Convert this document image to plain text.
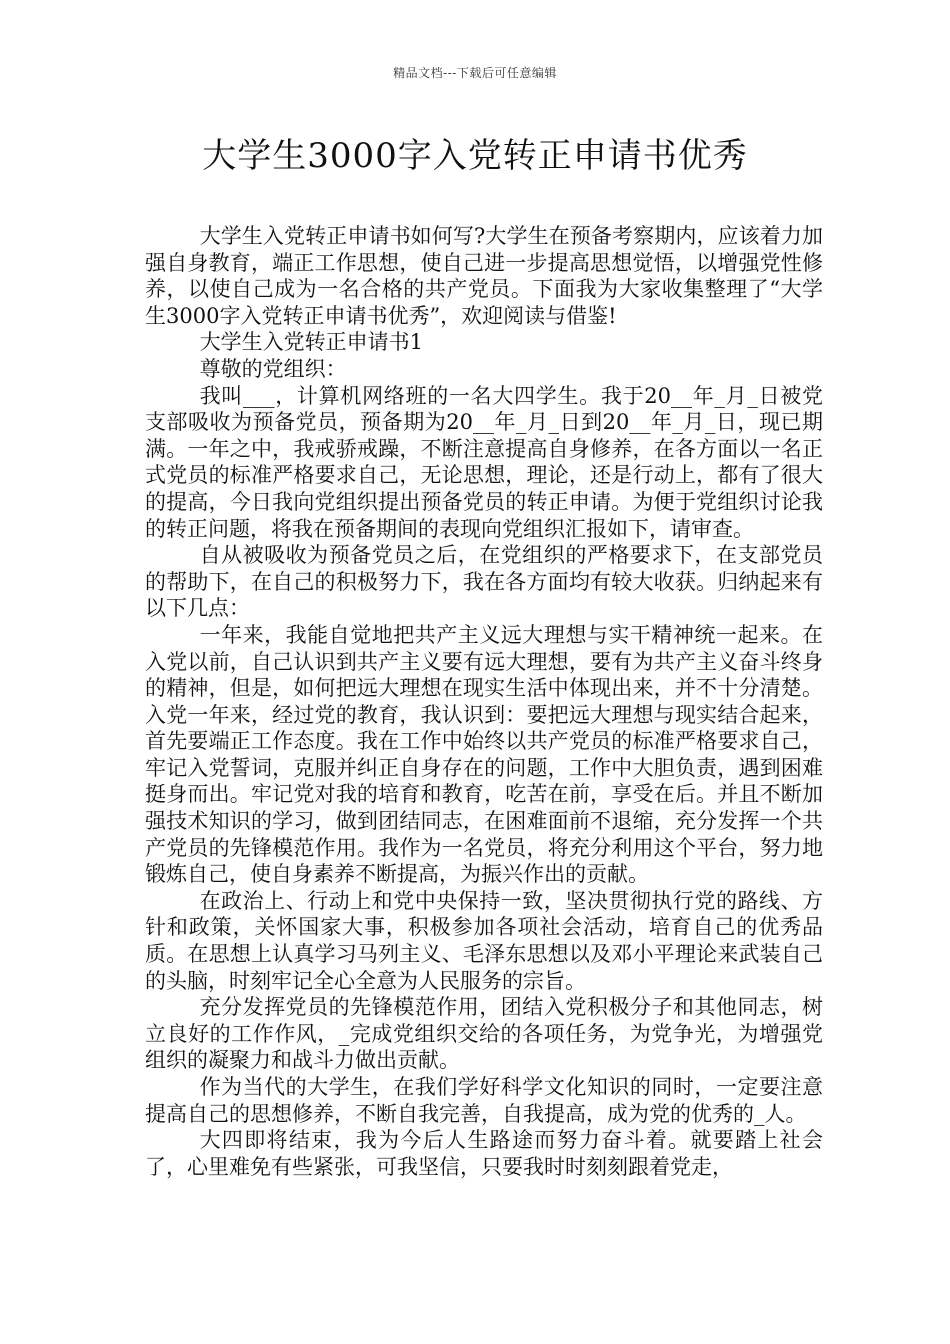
精品文档---下载后可任意编辑
大学生3000字入党转正申请书优秀

大学生入党转正申请书如何写?大学生在预备考察期内，应该着力加强自身教育，端正工作思想，使自己进一步提高思想觉悟，以增强党性修养，以使自己成为一名合格的共产党员。下面我为大家收集整理了“大学生3000字入党转正申请书优秀”，欢迎阅读与借鉴!

大学生入党转正申请书1

尊敬的党组织：

我叫___，计算机网络班的一名大四学生。我于20__年_月_日被党支部吸收为预备党员，预备期为20__年_月_日到20__年_月_日，现已期满。一年之中，我戒骄戒躁，不断注意提高自身修养，在各方面以一名正式党员的标准严格要求自己，无论思想，理论，还是行动上，都有了很大的提高，今日我向党组织提出预备党员的转正申请。为便于党组织讨论我的转正问题，将我在预备期间的表现向党组织汇报如下，请审查。

自从被吸收为预备党员之后，在党组织的严格要求下，在支部党员的帮助下，在自己的积极努力下，我在各方面均有较大收获。归纳起来有以下几点：

一年来，我能自觉地把共产主义远大理想与实干精神统一起来。在入党以前，自己认识到共产主义要有远大理想，要有为共产主义奋斗终身的精神，但是，如何把远大理想在现实生活中体现出来，并不十分清楚。入党一年来，经过党的教育，我认识到：要把远大理想与现实结合起来，首先要端正工作态度。我在工作中始终以共产党员的标准严格要求自己，牢记入党誓词，克服并纠正自身存在的问题，工作中大胆负责，遇到困难挺身而出。牢记党对我的培育和教育，吃苦在前，享受在后。并且不断加强技术知识的学习，做到团结同志，在困难面前不退缩，充分发挥一个共产党员的先锋模范作用。我作为一名党员，将充分利用这个平台，努力地锻炼自己，使自身素养不断提高，为振兴作出的贡献。

在政治上、行动上和党中央保持一致，坚决贯彻执行党的路线、方针和政策，关怀国家大事，积极参加各项社会活动，培育自己的优秀品质。在思想上认真学习马列主义、毛泽东思想以及邓小平理论来武装自己的头脑，时刻牢记全心全意为人民服务的宗旨。

充分发挥党员的先锋模范作用，团结入党积极分子和其他同志，树立良好的工作作风，_完成党组织交给的各项任务，为党争光，为增强党组织的凝聚力和战斗力做出贡献。

作为当代的大学生，在我们学好科学文化知识的同时，一定要注意提高自己的思想修养，不断自我完善，自我提高，成为党的优秀的_人。

大四即将结束，我为今后人生路途而努力奋斗着。就要踏上社会了，心里难免有些紧张，可我坚信，只要我时时刻刻跟着党走，
